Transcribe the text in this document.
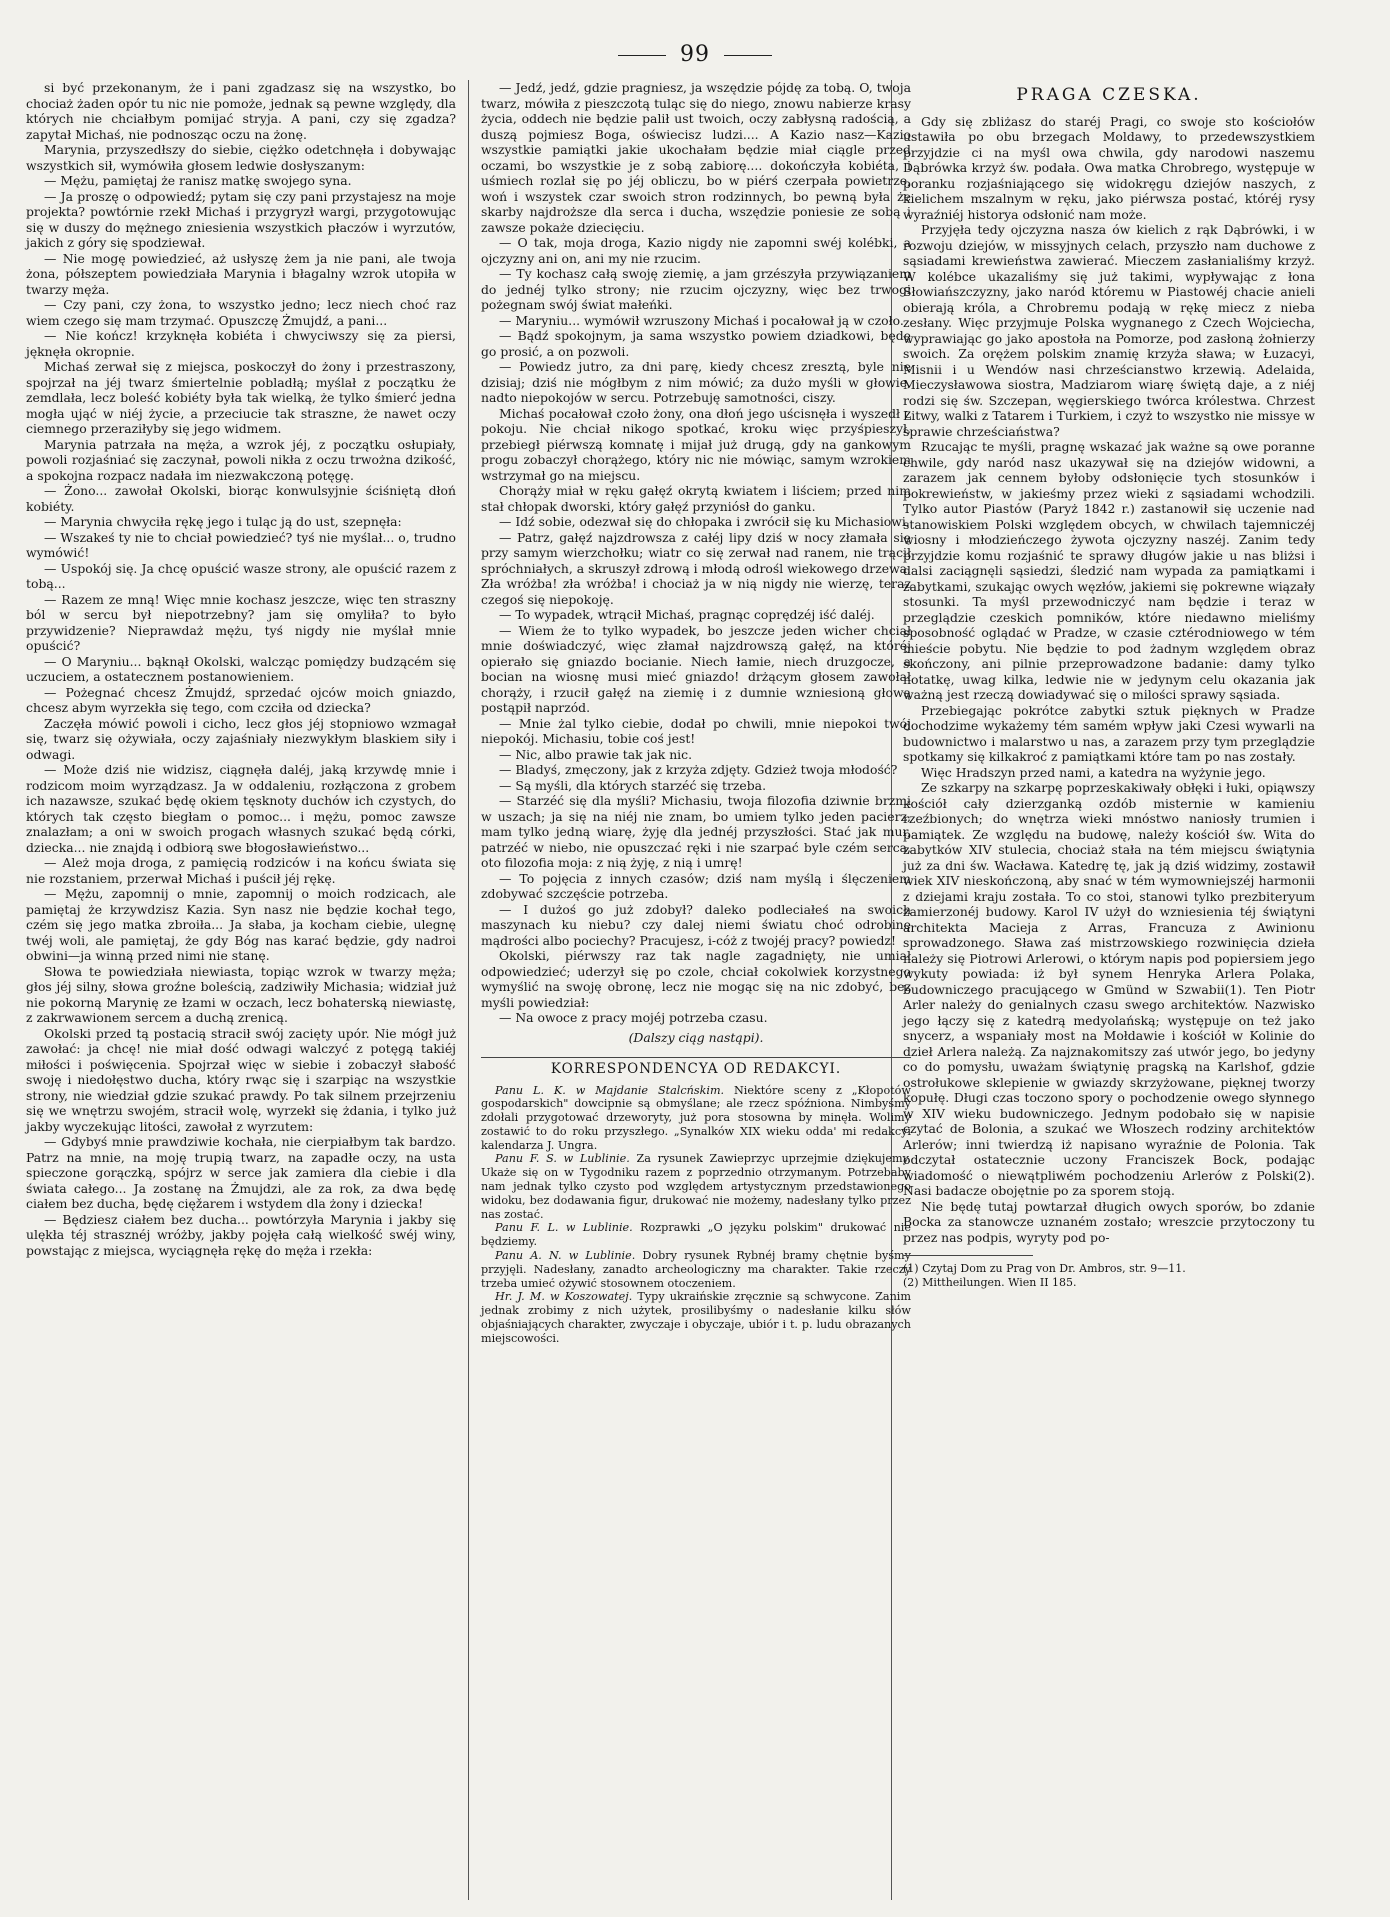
99

si być przekonanym, że i pani zgadzasz się na wszystko, bo chociaż żaden opór tu nic nie pomoże, jednak są pewne względy, dla których nie chciałbym pomijać stryja. A pani, czy się zgadza? zapytał Michaś, nie podnosząc oczu na żonę.

Marynia, przyszedłszy do siebie, ciężko odetchnęła i dobywając wszystkich sił, wymówiła głosem ledwie dosłyszanym:

— Mężu, pamiętaj że ranisz matkę swojego syna.

— Ja proszę o odpowiedź; pytam się czy pani przystajesz na moje projekta? powtórnie rzekł Michaś i przygryzł wargi, przygotowując się w duszy do mężnego zniesienia wszystkich płaczów i wyrzutów, jakich z góry się spodziewał.

— Nie mogę powiedzieć, aż usłyszę żem ja nie pani, ale twoja żona, półszeptem powiedziała Marynia i błagalny wzrok utopiła w twarzy męża.

— Czy pani, czy żona, to wszystko jedno; lecz niech choć raz wiem czego się mam trzymać. Opuszczę Żmujdź, a pani...

— Nie kończ! krzyknęła kobiéta i chwyciwszy się za piersi, jęknęła okropnie.

Michaś zerwał się z miejsca, poskoczył do żony i przestraszony, spojrzał na jéj twarz śmiertelnie pobladłą; myślał z początku że zemdlała, lecz boleść kobiéty była tak wielką, że tylko śmierć jedna mogła ująć w niéj życie, a przeciucie tak straszne, że nawet oczy ciemnego przeraziłyby się jego widmem.

Marynia patrzała na męża, a wzrok jéj, z początku osłupiały, powoli rozjaśniać się zaczynał, powoli nikła z oczu trwożna dzikość, a spokojna rozpacz nadała im niezwakczoną potęgę.

— Żono... zawołał Okolski, biorąc konwulsyjnie ściśniętą dłoń kobiéty.

— Marynia chwyciła rękę jego i tuląc ją do ust, szepnęła:

— Wszakeś ty nie to chciał powiedzieć? tyś nie myślał... o, trudno wymówić!

— Uspokój się. Ja chcę opuścić wasze strony, ale opuścić razem z tobą...

— Razem ze mną! Więc mnie kochasz jeszcze, więc ten straszny ból w sercu był niepotrzebny? jam się omyliła? to było przywidzenie? Nieprawdaż mężu, tyś nigdy nie myślał mnie opuścić?

— O Maryniu... bąknął Okolski, walcząc pomiędzy budzącém się uczuciem, a ostatecznem postanowieniem.

— Pożegnać chcesz Żmujdź, sprzedać ojców moich gniazdo, chcesz abym wyrzekła się tego, com czciła od dziecka?

Zaczęła mówić powoli i cicho, lecz głos jéj stopniowo wzmagał się, twarz się ożywiała, oczy zajaśniały niezwykłym blaskiem siły i odwagi.

— Może dziś nie widzisz, ciągnęła daléj, jaką krzywdę mnie i rodzicom moim wyrządzasz. Ja w oddaleniu, rozłączona z grobem ich nazawsze, szukać będę okiem tęsknoty duchów ich czystych, do których tak często biegłam o pomoc... i mężu, pomoc zawsze znalazłam; a oni w swoich progach własnych szukać będą córki, dziecka... nie znajdą i odbiorą swe błogosławieństwo...

— Ależ moja droga, z pamięcią rodziców i na końcu świata się nie rozstaniem, przerwał Michaś i puścił jéj rękę.

— Mężu, zapomnij o mnie, zapomnij o moich rodzicach, ale pamiętaj że krzywdzisz Kazia. Syn nasz nie będzie kochał tego, czém się jego matka zbroiła... Ja słaba, ja kocham ciebie, ulegnę twéj woli, ale pamiętaj, że gdy Bóg nas karać będzie, gdy nadroi obwini—ja winną przed nimi nie stanę.

Słowa te powiedziała niewiasta, topiąc wzrok w twarzy męża; głos jéj silny, słowa groźne boleścią, zadziwiły Michasia; widział już nie pokorną Marynię ze łzami w oczach, lecz bohaterską niewiastę, z zakrwawionem sercem a duchą zrenicą.

Okolski przed tą postacią stracił swój zacięty upór. Nie mógł już zawołać: ja chcę! nie miał dość odwagi walczyć z potęgą takiéj miłości i poświęcenia. Spojrzał więc w siebie i zobaczył słabość swoję i niedołęstwo ducha, który rwąc się i szarpiąc na wszystkie strony, nie wiedział gdzie szukać prawdy. Po tak silnem przejrzeniu się we wnętrzu swojém, stracił wolę, wyrzekł się żdania, i tylko już jakby wyczekując litości, zawołał z wyrzutem:

— Gdybyś mnie prawdziwie kochała, nie cierpiałbym tak bardzo. Patrz na mnie, na moję trupią twarz, na zapadłe oczy, na usta spieczone gorączką, spójrz w serce jak zamiera dla ciebie i dla świata całego... Ja zostanę na Żmujdzi, ale za rok, za dwa będę ciałem bez ducha, będę cięžarem i wstydem dla żony i dziecka!

— Będziesz ciałem bez ducha... powtórzyła Marynia i jakby się ulękła téj strasznéj wróżby, jakby pojęła całą wielkość swéj winy, powstając z miejsca, wyciągnęła rękę do męża i rzekła:

— Jedź, jedź, gdzie pragniesz, ja wszędzie pójdę za tobą. O, twoja twarz, mówiła z pieszczotą tuląc się do niego, znowu nabierze krasy życia, oddech nie będzie palił ust twoich, oczy zabłysną radością, a duszą pojmiesz Boga, oświecisz ludzi.... A Kazio nasz—Kazio wszystkie pamiątki jakie ukochałam będzie miał ciągle przed oczami, bo wszystkie je z sobą zabiorę.... dokończyła kobiéta, i uśmiech rozlał się po jéj obliczu, bo w piérś czerpała powietrze, woń i wszystek czar swoich stron rodzinnych, bo pewną była że skarby najdroższe dla serca i ducha, wszędzie poniesie ze sobą i zawsze pokaże dziecięciu.

— O tak, moja droga, Kazio nigdy nie zapomni swéj kolébki, a ojczyzny ani on, ani my nie rzucim.

— Ty kochasz całą swoję ziemię, a jam grzészyła przywiązaniem do jednéj tylko strony; nie rzucim ojczyzny, więc bez trwogi pożegnam swój świat małeńki.

— Maryniu... wymówił wzruszony Michaś i pocałował ją w czoło.

— Bądź spokojnym, ja sama wszystko powiem dziadkowi, będę go prosić, a on pozwoli.

— Powiedz jutro, za dni parę, kiedy chcesz zresztą, byle nie dzisiaj; dziś nie mógłbym z nim mówić; za dużo myśli w głowie, nadto niepokojów w sercu. Potrzebuję samotności, ciszy.

Michaś pocałował czoło żony, ona dłoń jego uścisnęła i wyszedł z pokoju. Nie chciał nikogo spotkać, kroku więc przyśpieszył, przebiegł piérwszą komnatę i mijał już drugą, gdy na gankowym progu zobaczył chorążego, który nic nie mówiąc, samym wzrokiem wstrzymał go na miejscu.

Chorąży miał w ręku gałęź okrytą kwiatem i liściem; przed nim stał chłopak dworski, który gałęź przyniósł do ganku.

— Idź sobie, odezwał się do chłopaka i zwrócił się ku Michasiowi.

— Patrz, gałęź najzdrowsza z całéj lipy dziś w nocy złamała się przy samym wierzchołku; wiatr co się zerwał nad ranem, nie trącił spróchniałych, a skruszył zdrową i młodą odrośl wiekowego drzewa. Zła wróżba! zła wróżba! i chociaż ja w nią nigdy nie wierzę, teraz czegoś się niepokoję.

— To wypadek, wtrącił Michaś, pragnąc coprędzéj iść daléj.

— Wiem że to tylko wypadek, bo jeszcze jeden wicher chciał mnie doświadczyć, więc złamał najzdrowszą gałęź, na któréj opierało się gniazdo bocianie. Niech łamie, niech druzgocze, a bocian na wiosnę musi mieć gniazdo! drżącym głosem zawołał chorąży, i rzucił gałęź na ziemię i z dumnie wzniesioną głową postąpił naprzód.

— Mnie żal tylko ciebie, dodał po chwili, mnie niepokoi twój niepokój. Michasiu, tobie coś jest!

— Nic, albo prawie tak jak nic.

— Bladyś, zmęczony, jak z krzyża zdjęty. Gdzież twoja młodość?

— Są myśli, dla których starzéć się trzeba.

— Starzéć się dla myśli? Michasiu, twoja filozofia dziwnie brzmi w uszach; ja się na niéj nie znam, bo umiem tylko jeden pacierz, mam tylko jedną wiarę, żyję dla jednéj przyszłości. Stać jak mur, patrzéć w niebo, nie opuszczać ręki i nie szarpać byle czém serca, oto filozofia moja: z nią żyję, z nią i umrę!

— To pojęcia z innych czasów; dziś nam myślą i ślęczeniem zdobywać szczęście potrzeba.

— I dużoś go już zdobył? daleko podleciałeś na swoich maszynach ku niebu? czy dalej niemi światu choć odrobinę mądrości albo pociechy? Pracujesz, i-cóż z twojéj pracy? powiedz!

Okolski, piérwszy raz tak nagle zagadnięty, nie umiał odpowiedzieć; uderzył się po czole, chciał cokolwiek korzystnego wymyślić na swoję obronę, lecz nie mogąc się na nic zdobyć, bez myśli powiedział:

— Na owoce z pracy mojéj potrzeba czasu.

(Dalszy ciąg nastąpi).

KORRESPONDENCYA OD REDAKCYI.

Panu L. K. w Majdanie Stalcńskim. Niektóre sceny z „Kłopotów gospodarskich" dowcipnie są obmyślane; ale rzecz spóźniona. Nimbyśmy zdołali przygotować drzeworyty, już pora stosowna by minęła. Wolimy zostawić to do roku przyszłego. „Synalków XIX wieku odda' mi redakcyi kalendarza J. Ungra.

Panu F. S. w Lublinie. Za rysunek Zawieprzyc uprzejmie dziękujemy. Ukaże się on w Tygodniku razem z poprzednio otrzymanym. Potrzebaby nam jednak tylko czysto pod względem artystycznym przedstawionego widoku, bez dodawania figur, drukować nie możemy, nadesłany tylko przez nas zostać.

Panu F. L. w Lublinie. Rozprawki „O języku polskim" drukować nie będziemy.

Panu A. N. w Lublinie. Dobry rysunek Rybnéj bramy chętnie byśmy przyjęli. Nadesłany, zanadto archeologiczny ma charakter. Takie rzeczy trzeba umieć ożywić stosownem otoczeniem.

Hr. J. M. w Koszowatej. Typy ukraińskie zręcznie są schwycone. Zanim jednak zrobimy z nich użytek, prosilibyśmy o nadesłanie kilku słów objaśniających charakter, zwyczaje i obyczaje, ubiór i t. p. ludu obrazanych miejscowości.

PRAGA CZESKA.

Gdy się zbliżasz do staréj Pragi, co swoje sto kościołów ustawiła po obu brzegach Moldawy, to przedewszystkiem przyjdzie ci na myśl owa chwila, gdy narodowi naszemu Dąbrówka krzyż św. podała. Owa matka Chrobrego, występuje w poranku rozjaśniającego się widokręgu dziejów naszych, z kielichem mszalnym w ręku, jako piérwsza postać, któréj rysy wyraźniéj historya odsłonić nam może.

Przyjęła tedy ojczyzna nasza ów kielich z rąk Dąbrówki, i w rozwoju dziejów, w missyjnych celach, przyszło nam duchowe z sąsiadami krewieństwa zawierać. Mieczem zasłanialiśmy krzyż. W kolébce ukazaliśmy się już takimi, wypływając z łona Słowiańszczyzny, jako naród któremu w Piastowéj chacie anieli obierają króla, a Chrobremu podają w rękę miecz z nieba zesłany. Więc przyjmuje Polska wygnanego z Czech Wojciecha, wyprawiając go jako apostoła na Pomorze, pod zasłoną żołnierzy swoich. Za orężem polskim znamię krzyża sława; w Łuzacyi, Misnii i u Wendów nasi chrześcianstwo krzewią. Adelaida, Mieczysławowa siostra, Madziarom wiarę świętą daje, a z niéj rodzi się św. Szczepan, węgierskiego twórca królestwa. Chrzest Litwy, walki z Tatarem i Turkiem, i czyż to wszystko nie missye w sprawie chrześciaństwa?

Rzucając te myśli, pragnę wskazać jak ważne są owe poranne chwile, gdy naród nasz ukazywał się na dziejów widowni, a zarazem jak cennem byłoby odsłonięcie tych stosunków i pokrewieństw, w jakieśmy przez wieki z sąsiadami wchodzili. Tylko autor Piastów (Paryż 1842 r.) zastanowił się uczenie nad stanowiskiem Polski względem obcych, w chwilach tajemniczéj wiosny i młodzieńczego żywota ojczyzny naszéj. Zanim tedy przyjdzie komu rozjaśnić te sprawy długów jakie u nas bliżsi i dalsi zaciągnęli sąsiedzi, śledzić nam wypada za pamiątkami i zabytkami, szukając owych węzłów, jakiemi się pokrewne wiązały stosunki. Ta myśl przewodniczyć nam będzie i teraz w przeglądzie czeskich pomników, które niedawno mieliśmy sposobność oglądać w Pradze, w czasie cztérodniowego w tém mieście pobytu. Nie będzie to pod żadnym względem obraz skończony, ani pilnie przeprowadzone badanie: damy tylko notatkę, uwag kilka, ledwie nie w jedynym celu okazania jak ważną jest rzeczą dowiadywać się o milości sprawy sąsiada.

Przebiegając pokrótce zabytki sztuk pięknych w Pradze dochodzime wykażemy tém samém wpływ jaki Czesi wywarli na budownictwo i malarstwo u nas, a zarazem przy tym przeglądzie spotkamy się kilkakroć z pamiątkami które tam po nas zostały.

Więc Hradszyn przed nami, a katedra na wyżynie jego.

Ze szkarpy na szkarpę poprzeskakiwały obłęki i łuki, opiąwszy kościół cały dzierzganką ozdób misternie w kamieniu rzeźbionych; do wnętrza wieki mnóstwo naniosły trumien i pamiątek. Ze względu na budowę, należy kościół św. Wita do zabytków XIV stulecia, chociaż stała na tém miejscu świątynia już za dni św. Wacława. Katedrę tę, jak ją dziś widzimy, zostawił wiek XIV nieskończoną, aby snać w tém wymowniejszéj harmonii z dziejami kraju została. To co stoi, stanowi tylko prezbiteryum zamierzonéj budowy. Karol IV użył do wzniesienia téj świątyni architekta Macieja z Arras, Francuza z Awinionu sprowadzonego. Sława zaś mistrzowskiego rozwinięcia dzieła należy się Piotrowi Arlerowi, o którym napis pod popiersiem jego wykuty powiada: iż był synem Henryka Arlera Polaka, budowniczego pracującego w Gmünd w Szwabii(1). Ten Piotr Arler należy do genialnych czasu swego architektów. Nazwisko jego łączy się z katedrą medyolańską; występuje on też jako snycerz, a wspaniały most na Mołdawie i kościół w Kolinie do dzieł Arlera należą. Za najznakomitszy zaś utwór jego, bo jedyny co do pomysłu, uważam świątynię pragską na Karlshof, gdzie ostrołukowe sklepienie w gwiazdy skrzyżowane, pięknej tworzy kopułę. Długi czas toczono spory o pochodzenie owego słynnego w XIV wieku budowniczego. Jednym podobało się w napisie czytać de Bolonia, a szukać we Włoszech rodziny architektów Arlerów; inni twierdzą iż napisano wyraźnie de Polonia. Tak odczytał ostatecznie uczony Franciszek Bock, podając wiadomość o niewątpliwém pochodzeniu Arlerów z Polski(2). Nasi badacze obojętnie po za sporem stoją.

Nie będę tutaj powtarzał długich owych sporów, bo zdanie Bocka za stanowcze uznaném zostało; wreszcie przytoczony tu przez nas podpis, wyryty pod po-

(1) Czytaj Dom zu Prag von Dr. Ambros, str. 9—11.

(2) Mittheilungen. Wien II 185.
